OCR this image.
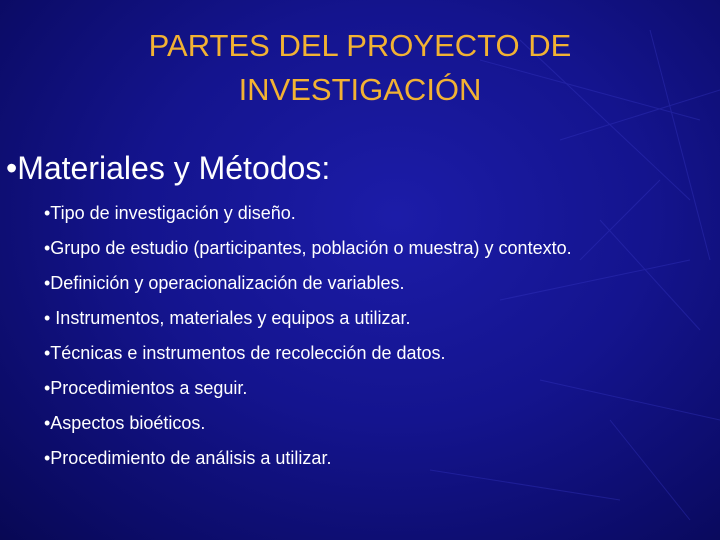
PARTES DEL PROYECTO DE
INVESTIGACIÓN
•Materiales y Métodos:
•Tipo de investigación y diseño.
•Grupo de estudio (participantes, población o muestra) y contexto.
•Definición y operacionalización de variables.
• Instrumentos, materiales y equipos a utilizar.
•Técnicas e instrumentos de recolección de datos.
•Procedimientos a seguir.
•Aspectos bioéticos.
•Procedimiento de análisis a utilizar.
